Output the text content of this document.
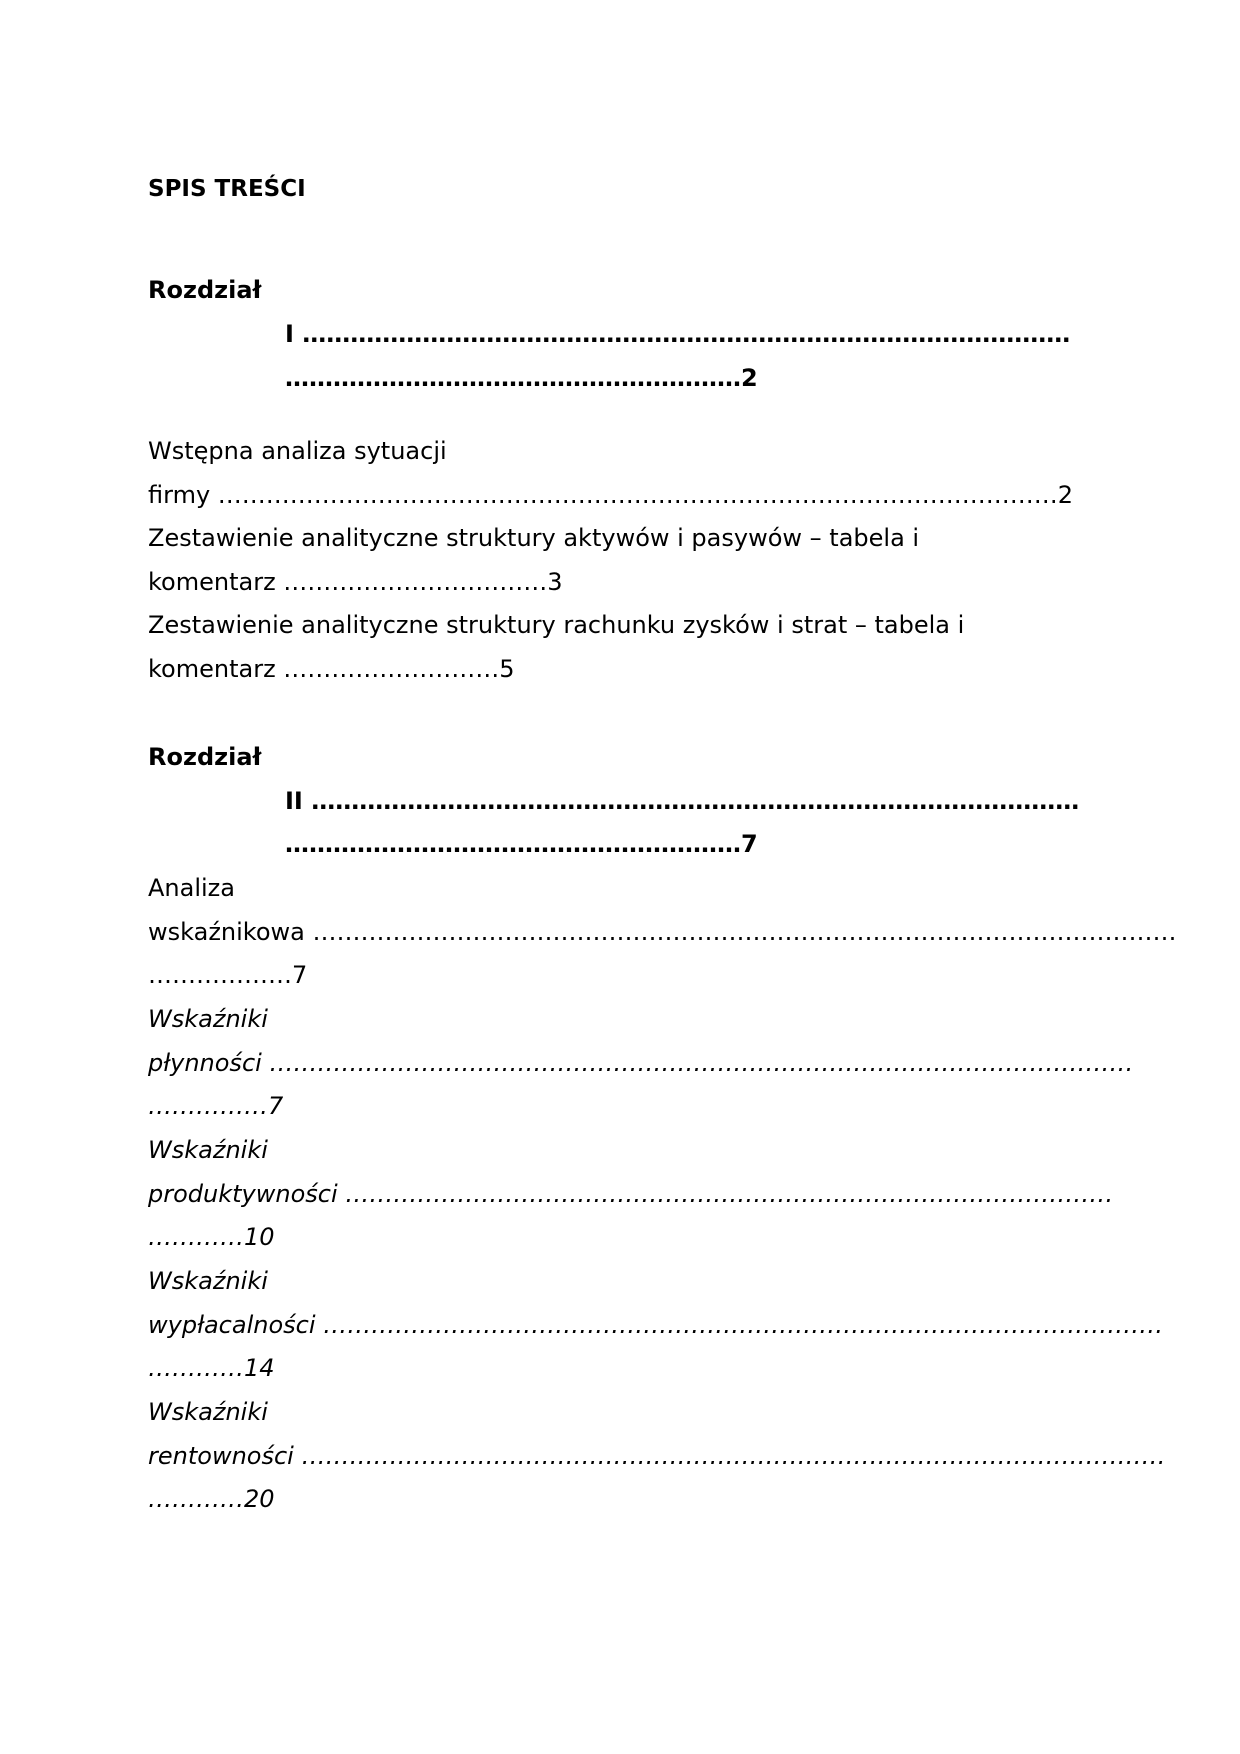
SPIS TREŚCI
Rozdział
I ……………………………………………………………………………………
…………………………………………………2
Wstępna analiza sytuacji
firmy ……………………………………………………………………………………………2
Zestawienie analityczne struktury aktywów i pasywów – tabela i
komentarz ……………………………3
Zestawienie analityczne struktury rachunku zysków i strat – tabela i
komentarz ………………………5
Rozdział
II ……………………………………………………………………………………
…………………………………………………7
Analiza
wskaźnikowa ………………………………………………………………………………………………
………………7
Wskaźniki
płynności ………………………………………………………………………………………………
……………7
Wskaźniki
produktywności ……………………………………………………………………………………
…………10
Wskaźniki
wypłacalności ……………………………………………………………………………………………
…………14
Wskaźniki
rentowności ………………………………………………………………………………………………
…………20
